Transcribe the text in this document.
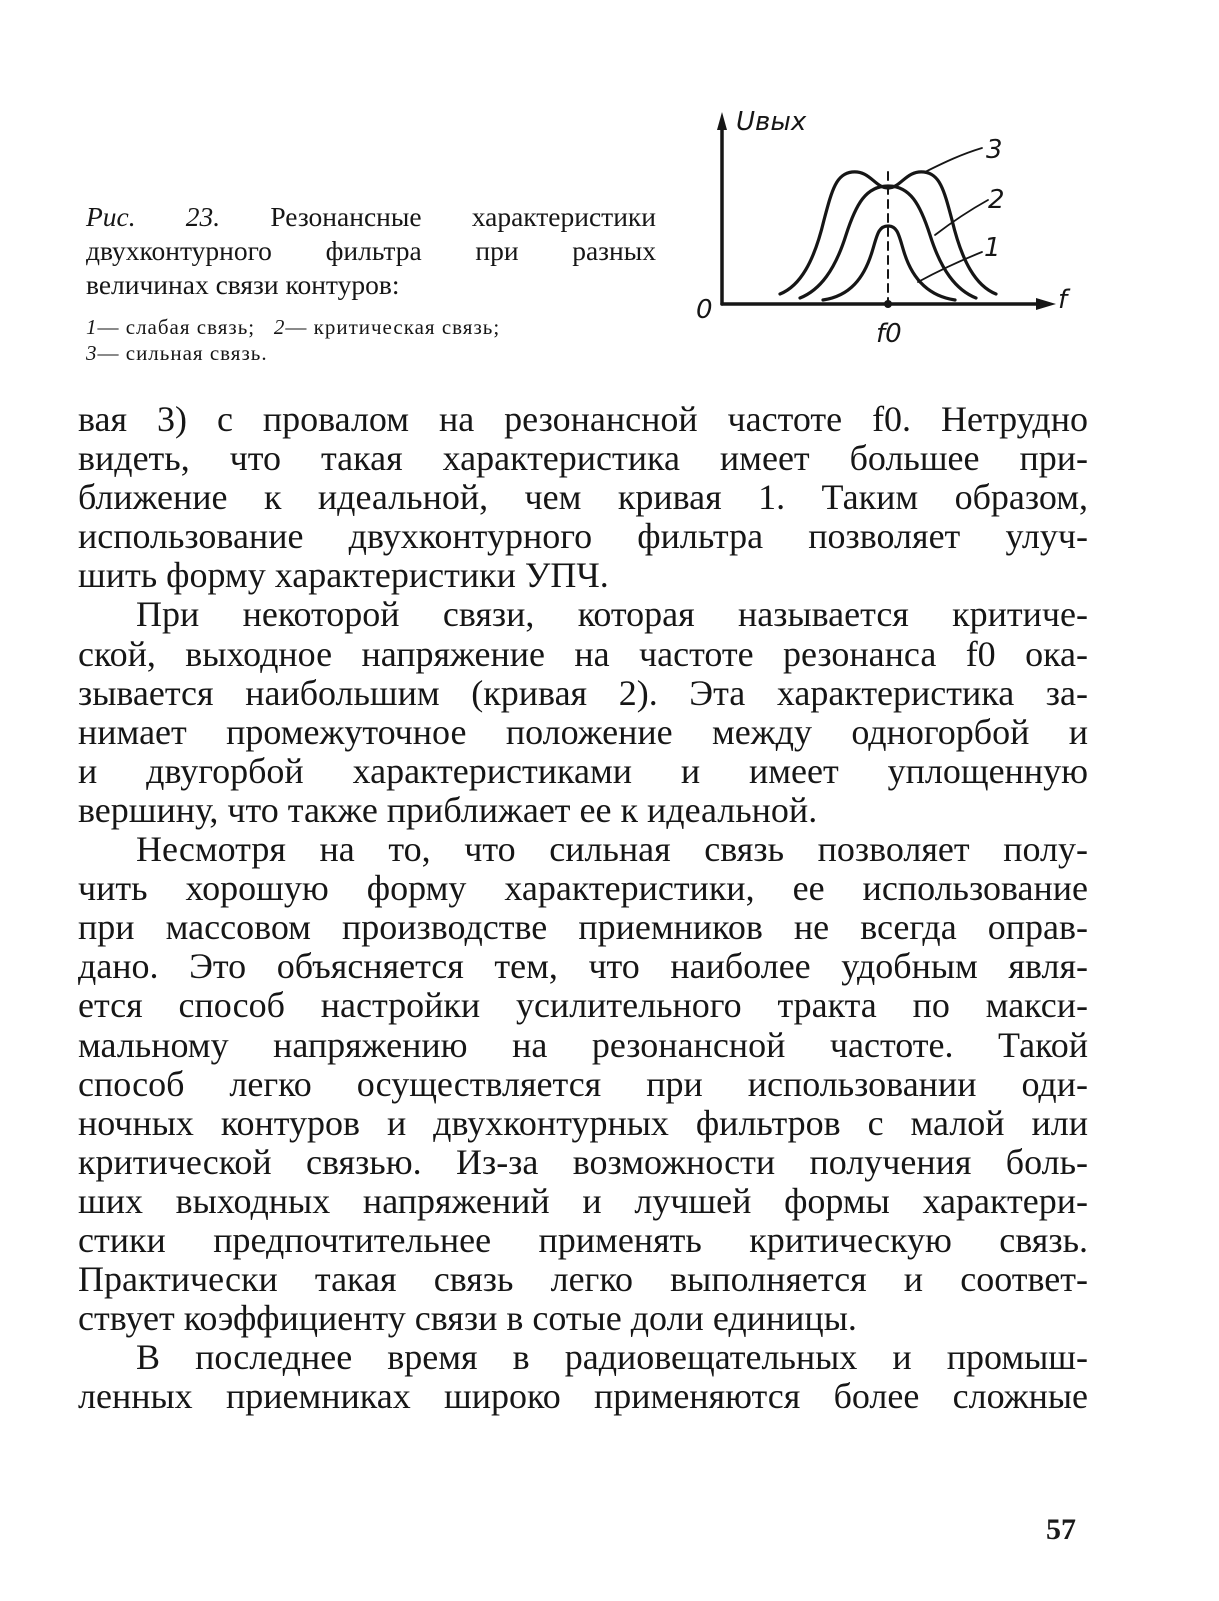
Рис. 23. Резонансные характеристики
двухконтурного фильтра при разных
величинах связи контуров:
1— слабая связь; 2— критическая связь;
3— сильная связь.
Uвых
f
0
f0
3
2
1
вая 3) с провалом на резонансной частоте f0. Нетрудно
видеть, что такая характеристика имеет большее при-
ближение к идеальной, чем кривая 1. Таким образом,
использование двухконтурного фильтра позволяет улуч-
шить форму характеристики УПЧ.
При некоторой связи, которая называется критиче-
ской, выходное напряжение на частоте резонанса f0 ока-
зывается наибольшим (кривая 2). Эта характеристика за-
нимает промежуточное положение между одногорбой и
и двугорбой характеристиками и имеет уплощенную
вершину, что также приближает ее к идеальной.
Несмотря на то, что сильная связь позволяет полу-
чить хорошую форму характеристики, ее использование
при массовом производстве приемников не всегда оправ-
дано. Это объясняется тем, что наиболее удобным явля-
ется способ настройки усилительного тракта по макси-
мальному напряжению на резонансной частоте. Такой
способ легко осуществляется при использовании оди-
ночных контуров и двухконтурных фильтров с малой или
критической связью. Из-за возможности получения боль-
ших выходных напряжений и лучшей формы характери-
стики предпочтительнее применять критическую связь.
Практически такая связь легко выполняется и соответ-
ствует коэффициенту связи в сотые доли единицы.
В последнее время в радиовещательных и промыш-
ленных приемниках широко применяются более сложные
57
